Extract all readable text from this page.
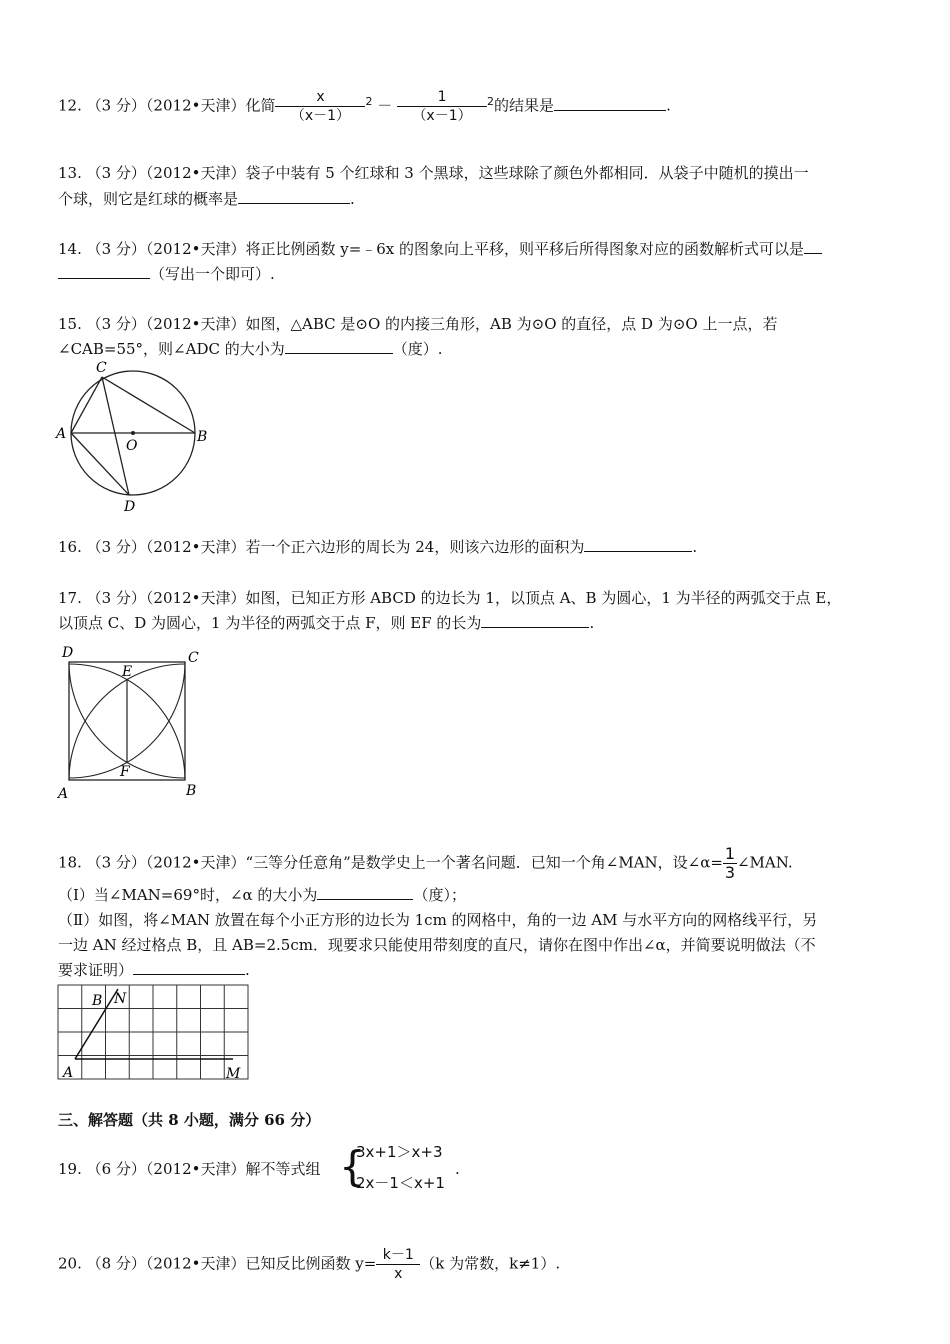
12. （3 分）（2012•天津）化简 $\frac{x}{(x-1)} ^2 - \frac{1}{(x-1)} ^2$的结果是	.
13. （3 分）（2012•天津）袋子中装有 5 个红球和 3 个黑球，这些球除了颜色外都相同．从袋子中随机的摸出一
个球，则它是红球的概率是	.
14. （3 分）（2012•天津）将正比例函数 y=﹣6x 的图象向上平移，则平移后所得图象对应的函数解析式可以是
（写出一个即可）.
15. （3 分）（2012•天津）如图，△ABC 是⊙O 的内接三角形，AB 为⊙O 的直径，点 D 为⊙O 上一点，若
∠CAB=55°，则∠ADC 的大小为	（度）.
A	B
C
D
O
16. （3 分）（2012•天津）若一个正六边形的周长为 24，则该六边形的面积为	.
17. （3 分）（2012•天津）如图，已知正方形 ABCD 的边长为 1，以顶点 A、B 为圆心，1 为半径的两弧交于点 E，
以顶点 C、D 为圆心，1 为半径的两弧交于点 F，则 EF 的长为	.
D	C
E
F
A	B
18. （3 分）（2012•天津）“三等分任意角”是数学史上一个著名问题．已知一个角∠MAN，设∠α= $\frac{1}{3}$ ∠MAN.
（Ⅰ）当∠MAN=69°时，∠α 的大小为	（度）；
（Ⅱ）如图，将∠MAN 放置在每个小正方形的边长为 1cm 的网格中，角的一边 AM 与水平方向的网格线平行，另
一边 AN 经过格点 B，且 AB=2.5cm．现要求只能使用带刻度的直尺，请你在图中作出∠α，并简要说明做法（不
要求证明）	.
A
B N
M
三、解答题（共 8 小题，满分 66 分）
19. （6 分）（2012•天津）解不等式组 {
3x+1＞x+3
2x－1＜x+1
.
20. （8 分）（2012•天津）已知反比例函数 $y= \frac{k-1}{x} (k$ 为常数，k≠1）.
